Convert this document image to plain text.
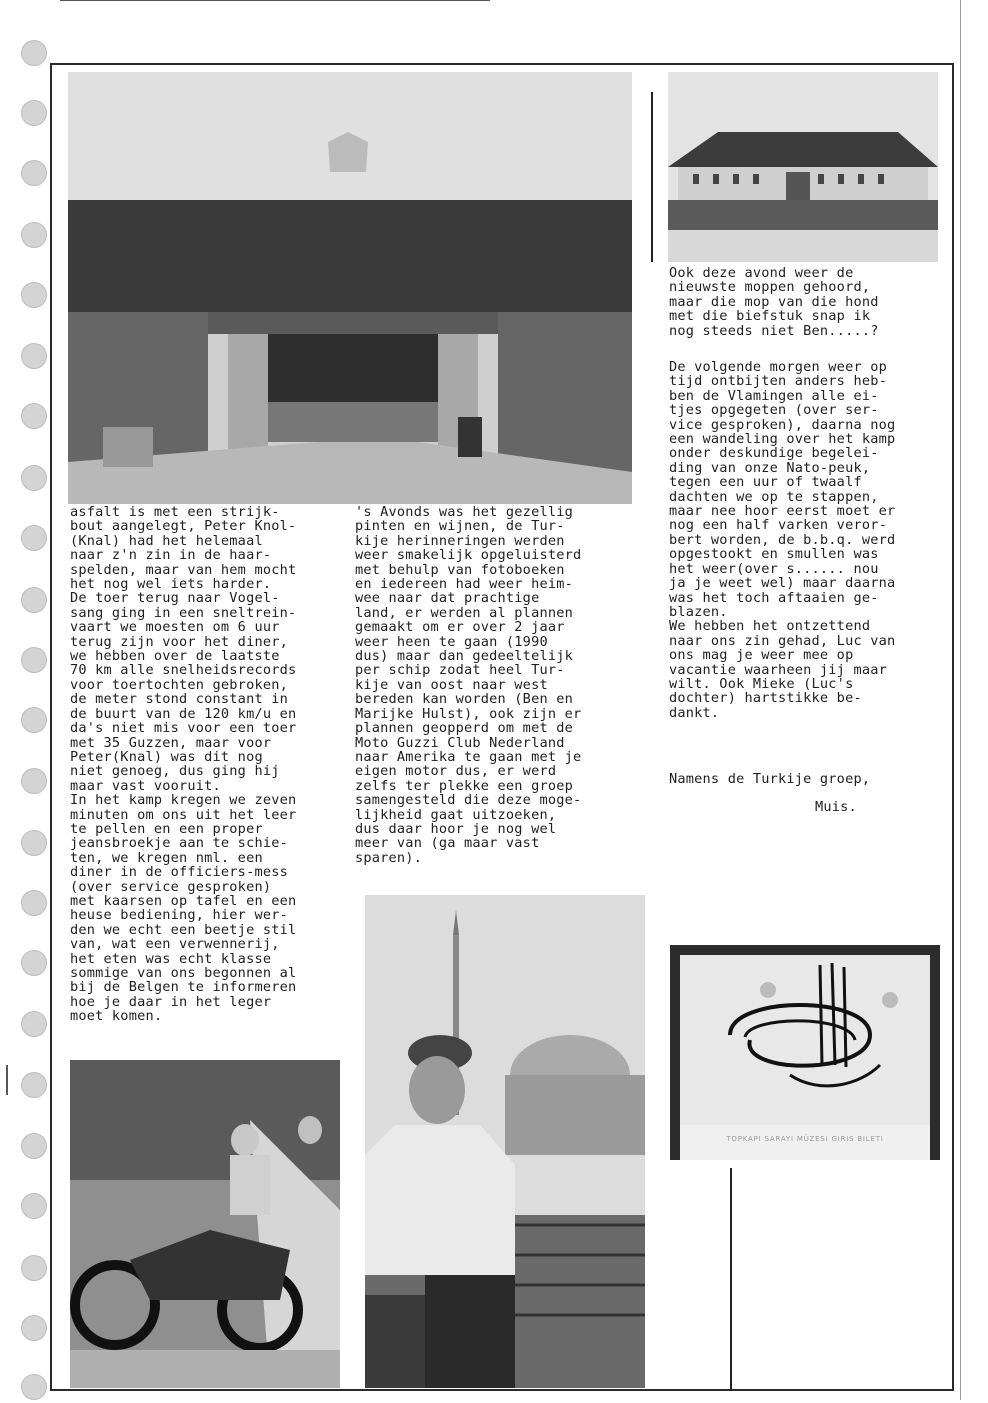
asfalt is met een strijk-
bout aangelegt, Peter Knol-
(Knal) had het helemaal
naar z'n zin in de haar-
spelden, maar van hem mocht
het nog wel iets harder.
De toer terug naar Vogel-
sang ging in een sneltrein-
vaart we moesten om 6 uur
terug zijn voor het diner,
we hebben over de laatste
70 km alle snelheidsrecords
voor toertochten gebroken,
de meter stond constant in
de buurt van de 120 km/u en
da's niet mis voor een toer
met 35 Guzzen, maar voor
Peter(Knal) was dit nog
niet genoeg, dus ging hij
maar vast vooruit.
In het kamp kregen we zeven
minuten om ons uit het leer
te pellen en een proper
jeansbroekje aan te schie-
ten, we kregen nml. een
diner in de officiers-mess
(over service gesproken)
met kaarsen op tafel en een
heuse bediening, hier wer-
den we echt een beetje stil
van, wat een verwennerij,
het eten was echt klasse
sommige van ons begonnen al
bij de Belgen te informeren
hoe je daar in het leger
moet komen.
's Avonds was het gezellig
pinten en wijnen, de Tur-
kije herinneringen werden
weer smakelijk opgeluisterd
met behulp van fotoboeken
en iedereen had weer heim-
wee naar dat prachtige
land, er werden al plannen
gemaakt om er over 2 jaar
weer heen te gaan (1990
dus) maar dan gedeeltelijk
per schip zodat heel Tur-
kije van oost naar west
bereden kan worden (Ben en
Marijke Hulst), ook zijn er
plannen geopperd om met de
Moto Guzzi Club Nederland
naar Amerika te gaan met je
eigen motor dus, er werd
zelfs ter plekke een groep
samengesteld die deze moge-
lijkheid gaat uitzoeken,
dus daar hoor je nog wel
meer van (ga maar vast
sparen).
Ook deze avond weer de
nieuwste moppen gehoord,
maar die mop van die hond
met die biefstuk snap ik
nog steeds niet Ben.....?
De volgende morgen weer op
tijd ontbijten anders heb-
ben de Vlamingen alle ei-
tjes opgegeten (over ser-
vice gesproken), daarna nog
een wandeling over het kamp
onder deskundige begelei-
ding van onze Nato-peuk,
tegen een uur of twaalf
dachten we op te stappen,
maar nee hoor eerst moet er
nog een half varken veror-
bert worden, de b.b.q. werd
opgestookt en smullen was
het weer(over s...... nou
ja je weet wel) maar daarna
was het toch aftaaien ge-
blazen.
We hebben het ontzettend
naar ons zin gehad, Luc van
ons mag je weer mee op
vacantie waarheen jij maar
wilt. Ook Mieke (Luc's
dochter) hartstikke be-
dankt.
Namens de Turkije groep,
Muis.
TOPKAPI SARAYI MÜZESI GIRIS BILETI
